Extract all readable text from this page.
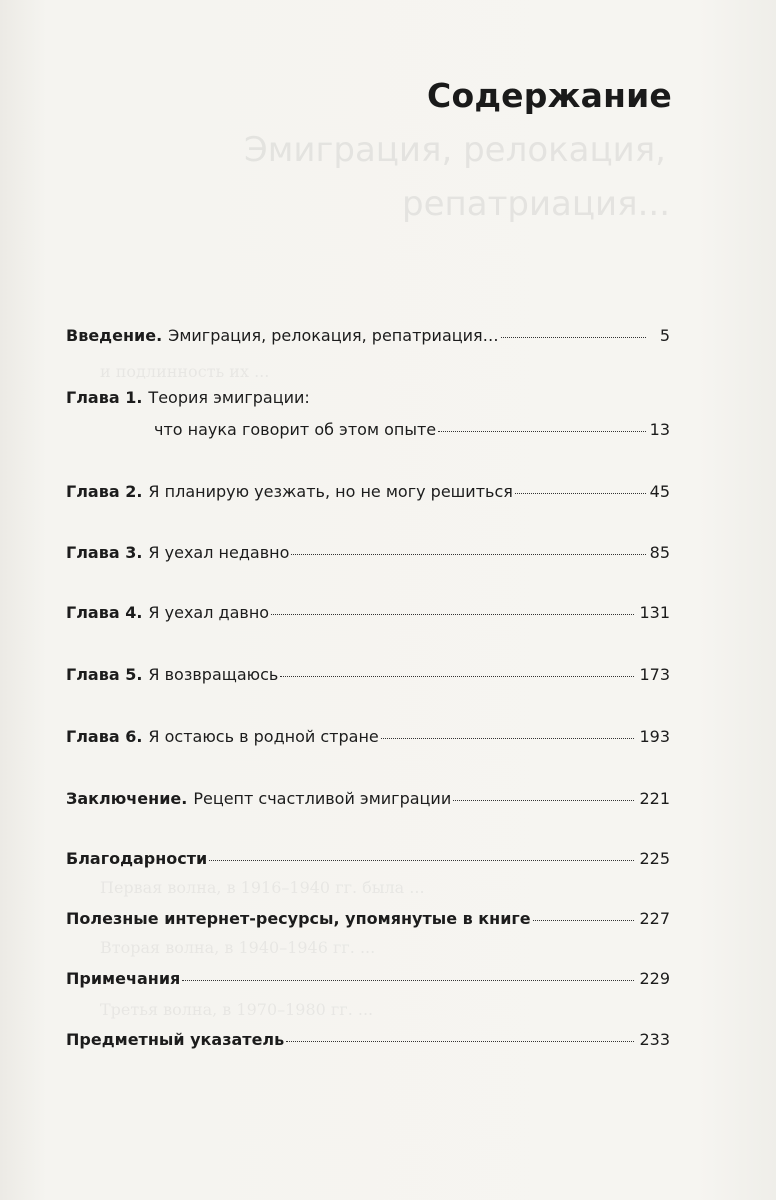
Эмиграция, релокация,
репатриация...
и подлинность их ...
Первая волна, в 1916–1940 гг. была ...
Вторая волна, в 1940–1946 гг. ...
Третья волна, в 1970–1980 гг. ...
Содержание
Введение. Эмиграция, релокация, репатриация…	5
Глава 1. Теория эмиграции:
что наука говорит об этом опыте	13
Глава 2. Я планирую уезжать, но не могу решиться	45
Глава 3. Я уехал недавно	85
Глава 4. Я уехал давно	131
Глава 5. Я возвращаюсь	173
Глава 6. Я остаюсь в родной стране	193
Заключение. Рецепт счастливой эмиграции	221
Благодарности	225
Полезные интернет-ресурсы, упомянутые в книге	227
Примечания	229
Предметный указатель	233
